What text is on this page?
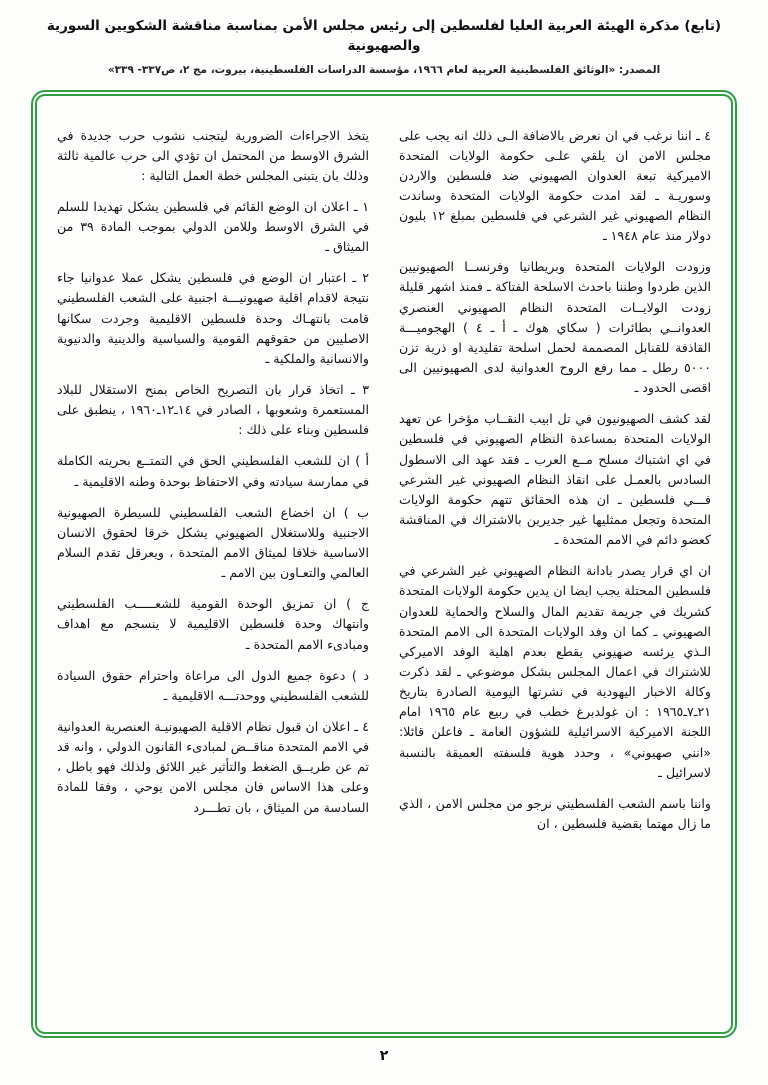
(تابع) مذكرة الهيئة العربية العليا لفلسطين إلى رئيس مجلس الأمن بمناسبة مناقشة الشكويين السورية والصهيونية
المصدر: «الوثائق الفلسطينية العربية لعام ١٩٦٦، مؤسسة الدراسات الفلسطينية، بيروت، مج ٢، ص٣٣٧- ٣٣٩»

٤ ـ اننا نرغب في ان نعرض بالاضافة الـى ذلك انه يجب على مجلس الامن ان يلقي علـى حكومة الولايات المتحدة الاميركية تبعة العدوان الصهيوني ضد فلسطين والاردن وسوريـة ـ لقد امدت حكومة الولايات المتحدة وساندت النظام الصهيوني غير الشرعي في فلسطين بمبلغ ١٢ بليون دولار منذ عام ١٩٤٨ ـ

وزودت الولايات المتحدة وبريطانيا وفرنســا الصهيونيين الذين طردوا وطننا باحدث الاسلحة الفتاكة ـ فمنذ اشهر قليلة زودت الولايــات المتحدة النظام الصهيوني العنصري العدوانــي بطائرات ( سكاي هوك ـ أ ـ ٤ ) الهجوميـــة القاذفة للقنابل المصممة لحمل اسلحة تقليدية او ذرية تزن ٥٠٠٠ رطل ـ مما رفع الروح العدوانية لدى الصهيونيين الى اقصى الحدود ـ

لقد كشف الصهيونيون في تل ابيب النقــاب مؤخرا عن تعهد الولايات المتحدة بمساعدة النظام الصهيوني في فلسطين في اي اشتباك مسلح مــع العرب ـ فقد عهد الى الاسطول السادس بالعمـل على انقاذ النظام الصهيوني غير الشرعي فـــي فلسطين ـ ان هذه الحقائق تتهم حكومة الولايات المتحدة وتجعل ممثليها غير جديرين بالاشتراك في المناقشة كعضو دائم في الامم المتحدة ـ

ان اي قرار يصدر بادانة النظام الصهيوني غير الشرعي في فلسطين المحتلة يجب ايضا ان يدين حكومة الولايات المتحدة كشريك في جريمة تقديم المال والسلاح والحماية للعدوان الصهيوني ـ كما ان وفد الولايات المتحدة الى الامم المتحدة الـذي يرئسه صهيوني يقطع بعدم اهلية الوفد الاميركي للاشتراك في اعمال المجلس بشكل موضوعي ـ لقد ذكرت وكالة الاخبار اليهودية في نشرتها اليومية الصادرة بتاريخ ٢١ـ٧ـ١٩٦٥ : ان غولدبرغ خطب في ربيع عام ١٩٦٥ امام اللجنة الاميركية الاسرائيلية للشؤون العامة ـ فاعلن قائلا: «انني صهيوني» ، وحدد هوية فلسفته العميقة بالنسبة لاسرائيل ـ

واننا باسم الشعب الفلسطيني نرجو من مجلس الامن ، الذي ما زال مهتما بقضية فلسطين ، ان

يتخذ الاجراءات الضرورية ليتجنب نشوب حرب جديدة في الشرق الاوسط من المحتمل ان تؤدي الى حرب عالمية ثالثة وذلك بان يتبنى المجلس خطة العمل التالية :

١ ـ اعلان ان الوضع القائم في فلسطين يشكل تهديدا للسلم في الشرق الاوسط وللامن الدولي بموجب المادة ٣٩ من الميثاق ـ

٢ ـ اعتبار ان الوضع في فلسطين يشكل عملا عدوانيا جاء نتيجة لاقدام اقلية صهيونيـــة اجنبية على الشعب الفلسطيني قامت بانتهـاك وحدة فلسطين الاقليمية وجردت سكانها الاصليين من حقوقهم القومية والسياسية والدينية والدنيوية والانسانية والملكية ـ

٣ ـ اتخاذ قرار بان التصريح الخاص بمنح الاستقلال للبلاد المستعمرة وشعوبها ، الصادر في ١٤ـ١٢ـ١٩٦٠ ، ينطبق على فلسطين وبناء على ذلك :

أ ) ان للشعب الفلسطيني الحق في التمتــع بحريته الكاملة في ممارسة سيادته وفي الاحتفاظ بوحدة وطنه الاقليمية ـ

ب ) ان اخضاع الشعب الفلسطيني للسيطرة الصهيونية الاجنبية وللاستغلال الصهيوني يشكل خرقا لحقوق الانسان الاساسية خلافا لميثاق الامم المتحدة ، ويعرقل تقدم السلام العالمي والتعـاون بين الامم ـ

ج ) ان تمزيق الوحدة القومية للشعـــــب الفلسطيني وانتهاك وحدة فلسطين الاقليمية لا ينسجم مع اهداف ومبادىء الامم المتحدة ـ

د ) دعوة جميع الدول الى مراعاة واحترام حقوق السيادة للشعب الفلسطيني ووحدتـــه الاقليمية ـ

٤ ـ اعلان ان قبول نظام الاقلية الصهيونيـة العنصرية العدوانية في الامم المتحدة مناقــض لمبادىء القانون الدولي ، وانه قد تم عن طريــق الضغط والتأثير غير اللائق ولذلك فهو باطل ، وعلى هذا الاساس فان مجلس الامن يوحي ، وفقا للمادة السادسة من الميثاق ، بان تطـــرد

٢
